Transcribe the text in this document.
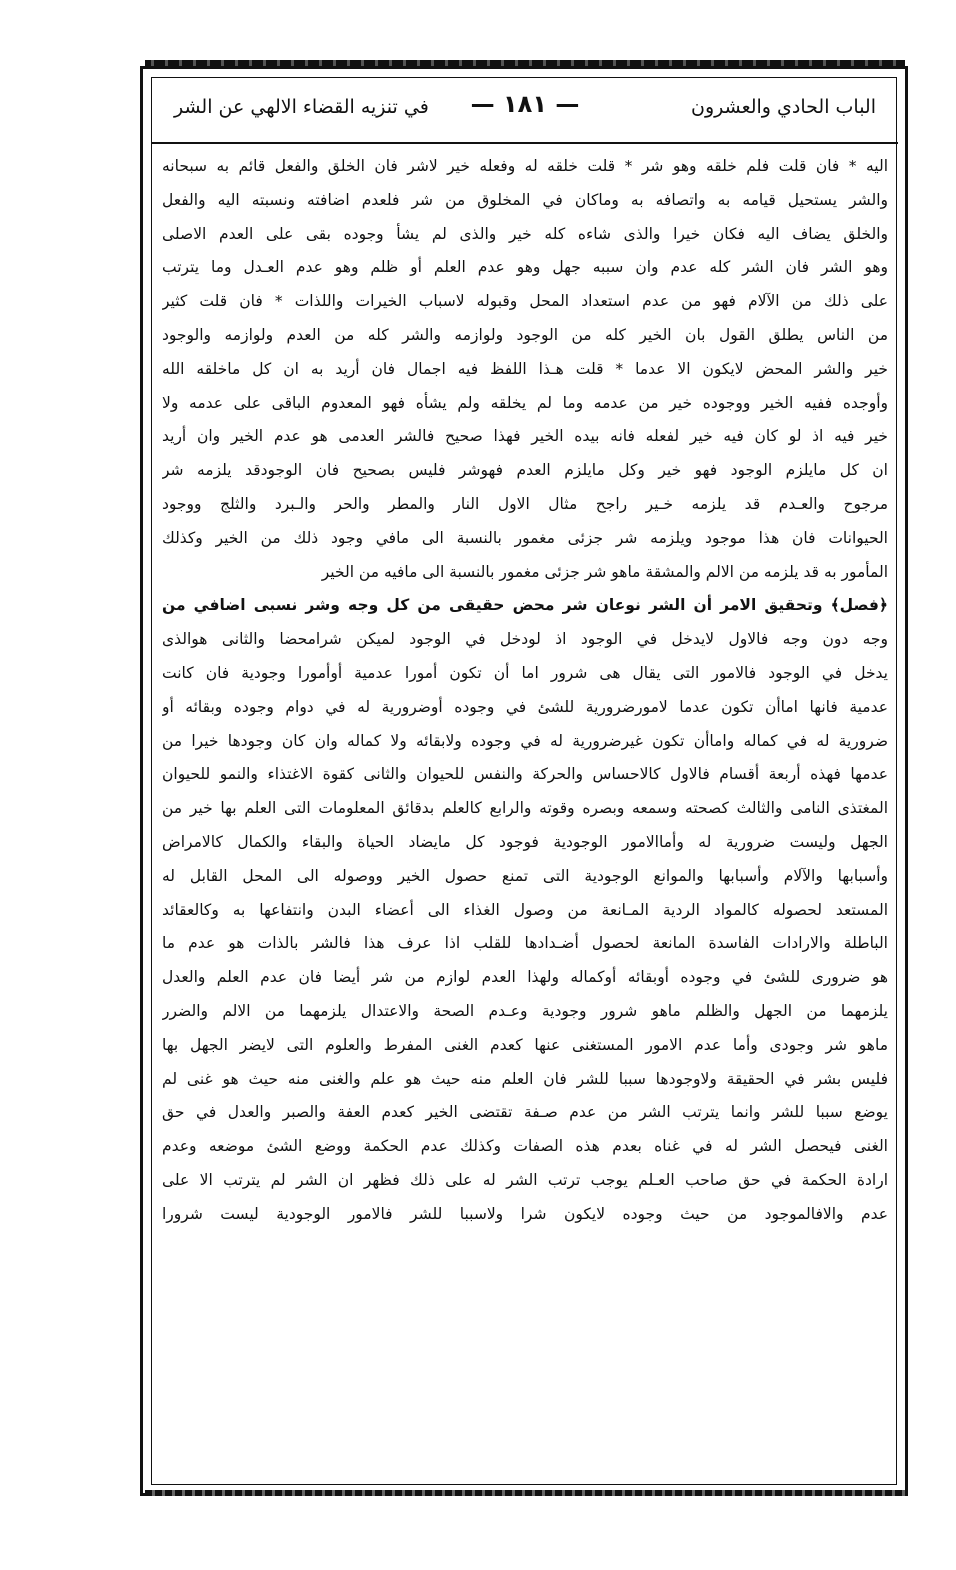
الباب الحادي والعشرون
— ١٨١ —
في تنزيه القضاء الالهي عن الشر
اليه * فان قلت فلم خلقه وهو شر * قلت خلقه له وفعله خير لاشر فان الخلق والفعل قائم به سبحانه
والشر يستحيل قيامه به واتصافه به وماكان في المخلوق من شر فلعدم اضافته ونسبته اليه والفعل
والخلق يضاف اليه فكان خيرا والذى شاءه كله خير والذى لم يشأ وجوده بقى على العدم الاصلى
وهو الشر فان الشر كله عدم وان سببه جهل وهو عدم العلم أو ظلم وهو عدم العـدل وما يترتب
على ذلك من الآلام فهو من عدم استعداد المحل وقبوله لاسباب الخيرات واللذات * فان قلت كثير
من الناس يطلق القول بان الخير كله من الوجود ولوازمه والشر كله من العدم ولوازمه والوجود
خير والشر المحض لايكون الا عدما * قلت هـذا اللفظ فيه اجمال فان أريد به ان كل ماخلقه الله
وأوجده ففيه الخير ووجوده خير من عدمه وما لم يخلقه ولم يشأه فهو المعدوم الباقى على عدمه ولا
خير فيه اذ لو كان فيه خير لفعله فانه بيده الخير فهذا صحيح فالشر العدمى هو عدم الخير وان أريد
ان كل مايلزم الوجود فهو خير وكل مايلزم العدم فهوشر فليس بصحيح فان الوجودقد يلزمه شر
مرجوح والعـدم قد يلزمه خـير راجح مثال الاول النار والمطر والحر والـبرد والثلج ووجود
الحيوانات فان هذا موجود ويلزمه شر جزئى مغمور بالنسبة الى مافي وجود ذلك من الخير وكذلك
المأمور به قد يلزمه من الالم والمشقة ماهو شر جزئى مغمور بالنسبة الى مافيه من الخير
﴿فصل﴾ وتحقيق الامر أن الشر نوعان شر محض حقيقى من كل وجه وشر نسبى اضافي من
وجه دون وجه فالاول لايدخل في الوجود اذ لودخل في الوجود لميكن شرامحضا والثانى هوالذى
يدخل في الوجود فالامور التى يقال هى شرور اما أن تكون أمورا عدمية أوأمورا وجودية فان كانت
عدمية فانها اماأن تكون عدما لامورضرورية للشئ في وجوده أوضرورية له في دوام وجوده وبقائه أو
ضرورية له في كماله واماأن تكون غيرضرورية له في وجوده ولابقائه ولا كماله وان كان وجودها خيرا من
عدمها فهذه أربعة أقسام فالاول كالاحساس والحركة والنفس للحيوان والثانى كقوة الاغتذاء والنمو للحيوان
المغتذى النامى والثالث كصحته وسمعه وبصره وقوته والرابع كالعلم بدقائق المعلومات التى العلم بها خير من
الجهل وليست ضرورية له وأماالامور الوجودية فوجود كل مايضاد الحياة والبقاء والكمال كالامراض
وأسبابها والآلام وأسبابها والموانع الوجودية التى تمنع حصول الخير ووصوله الى المحل القابل له
المستعد لحصوله كالمواد الردية المـانعة من وصول الغذاء الى أعضاء البدن وانتفاعها به وكالعقائد
الباطلة والارادات الفاسدة المانعة لحصول أضـدادها للقلب اذا عرف هذا فالشر بالذات هو عدم ما
هو ضرورى للشئ في وجوده أوبقائه أوكماله ولهذا العدم لوازم من شر أيضا فان عدم العلم والعدل
يلزمهما من الجهل والظلم ماهو شرور وجودية وعـدم الصحة والاعتدال يلزمهما من الالم والضرر
ماهو شر وجودى وأما عدم الامور المستغنى عنها كعدم الغنى المفرط والعلوم التى لايضر الجهل بها
فليس بشر في الحقيقة ولاوجودها سببا للشر فان العلم منه حيث هو علم والغنى منه حيث هو غنى لم
يوضع سببا للشر وانما يترتب الشر من عدم صـفة تقتضى الخير كعدم العفة والصبر والعدل في حق
الغنى فيحصل الشر له في غناه بعدم هذه الصفات وكذلك عدم الحكمة ووضع الشئ موضعه وعدم
ارادة الحكمة في حق صاحب العـلم يوجب ترتب الشر له على ذلك فظهر ان الشر لم يترتب الا على
عدم والافالموجود من حيث وجوده لايكون شرا ولاسببا للشر فالامور الوجودية ليست شرورا
